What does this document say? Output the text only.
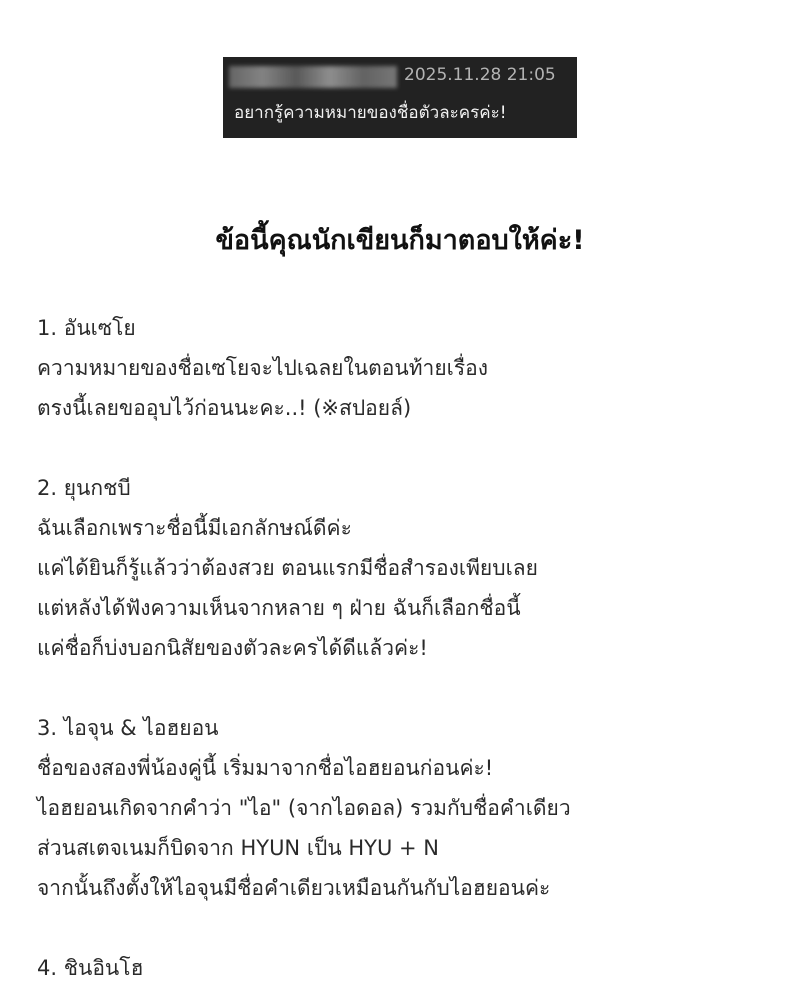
2025.11.28 21:05
อยากรู้ความหมายของชื่อตัวละครค่ะ!
ข้อนี้คุณนักเขียนก็มาตอบให้ค่ะ!
1. อันเซโย
ความหมายของชื่อเซโยจะไปเฉลยในตอนท้ายเรื่อง
ตรงนี้เลยขออุบไว้ก่อนนะคะ..! (※สปอยล์)
2. ยุนกชบี
ฉันเลือกเพราะชื่อนี้มีเอกลักษณ์ดีค่ะ
แค่ได้ยินก็รู้แล้วว่าต้องสวย ตอนแรกมีชื่อสำรองเพียบเลย
แต่หลังได้ฟังความเห็นจากหลาย ๆ ฝ่าย ฉันก็เลือกชื่อนี้
แค่ชื่อก็บ่งบอกนิสัยของตัวละครได้ดีแล้วค่ะ!
3. ไอจุน & ไอฮยอน
ชื่อของสองพี่น้องคู่นี้ เริ่มมาจากชื่อไอฮยอนก่อนค่ะ!
ไอฮยอนเกิดจากคำว่า "ไอ" (จากไอดอล) รวมกับชื่อคำเดียว
ส่วนสเตจเนมก็บิดจาก HYUN เป็น HYU + N
จากนั้นถึงตั้งให้ไอจุนมีชื่อคำเดียวเหมือนกันกับไอฮยอนค่ะ
4. ชินอินโฮ
